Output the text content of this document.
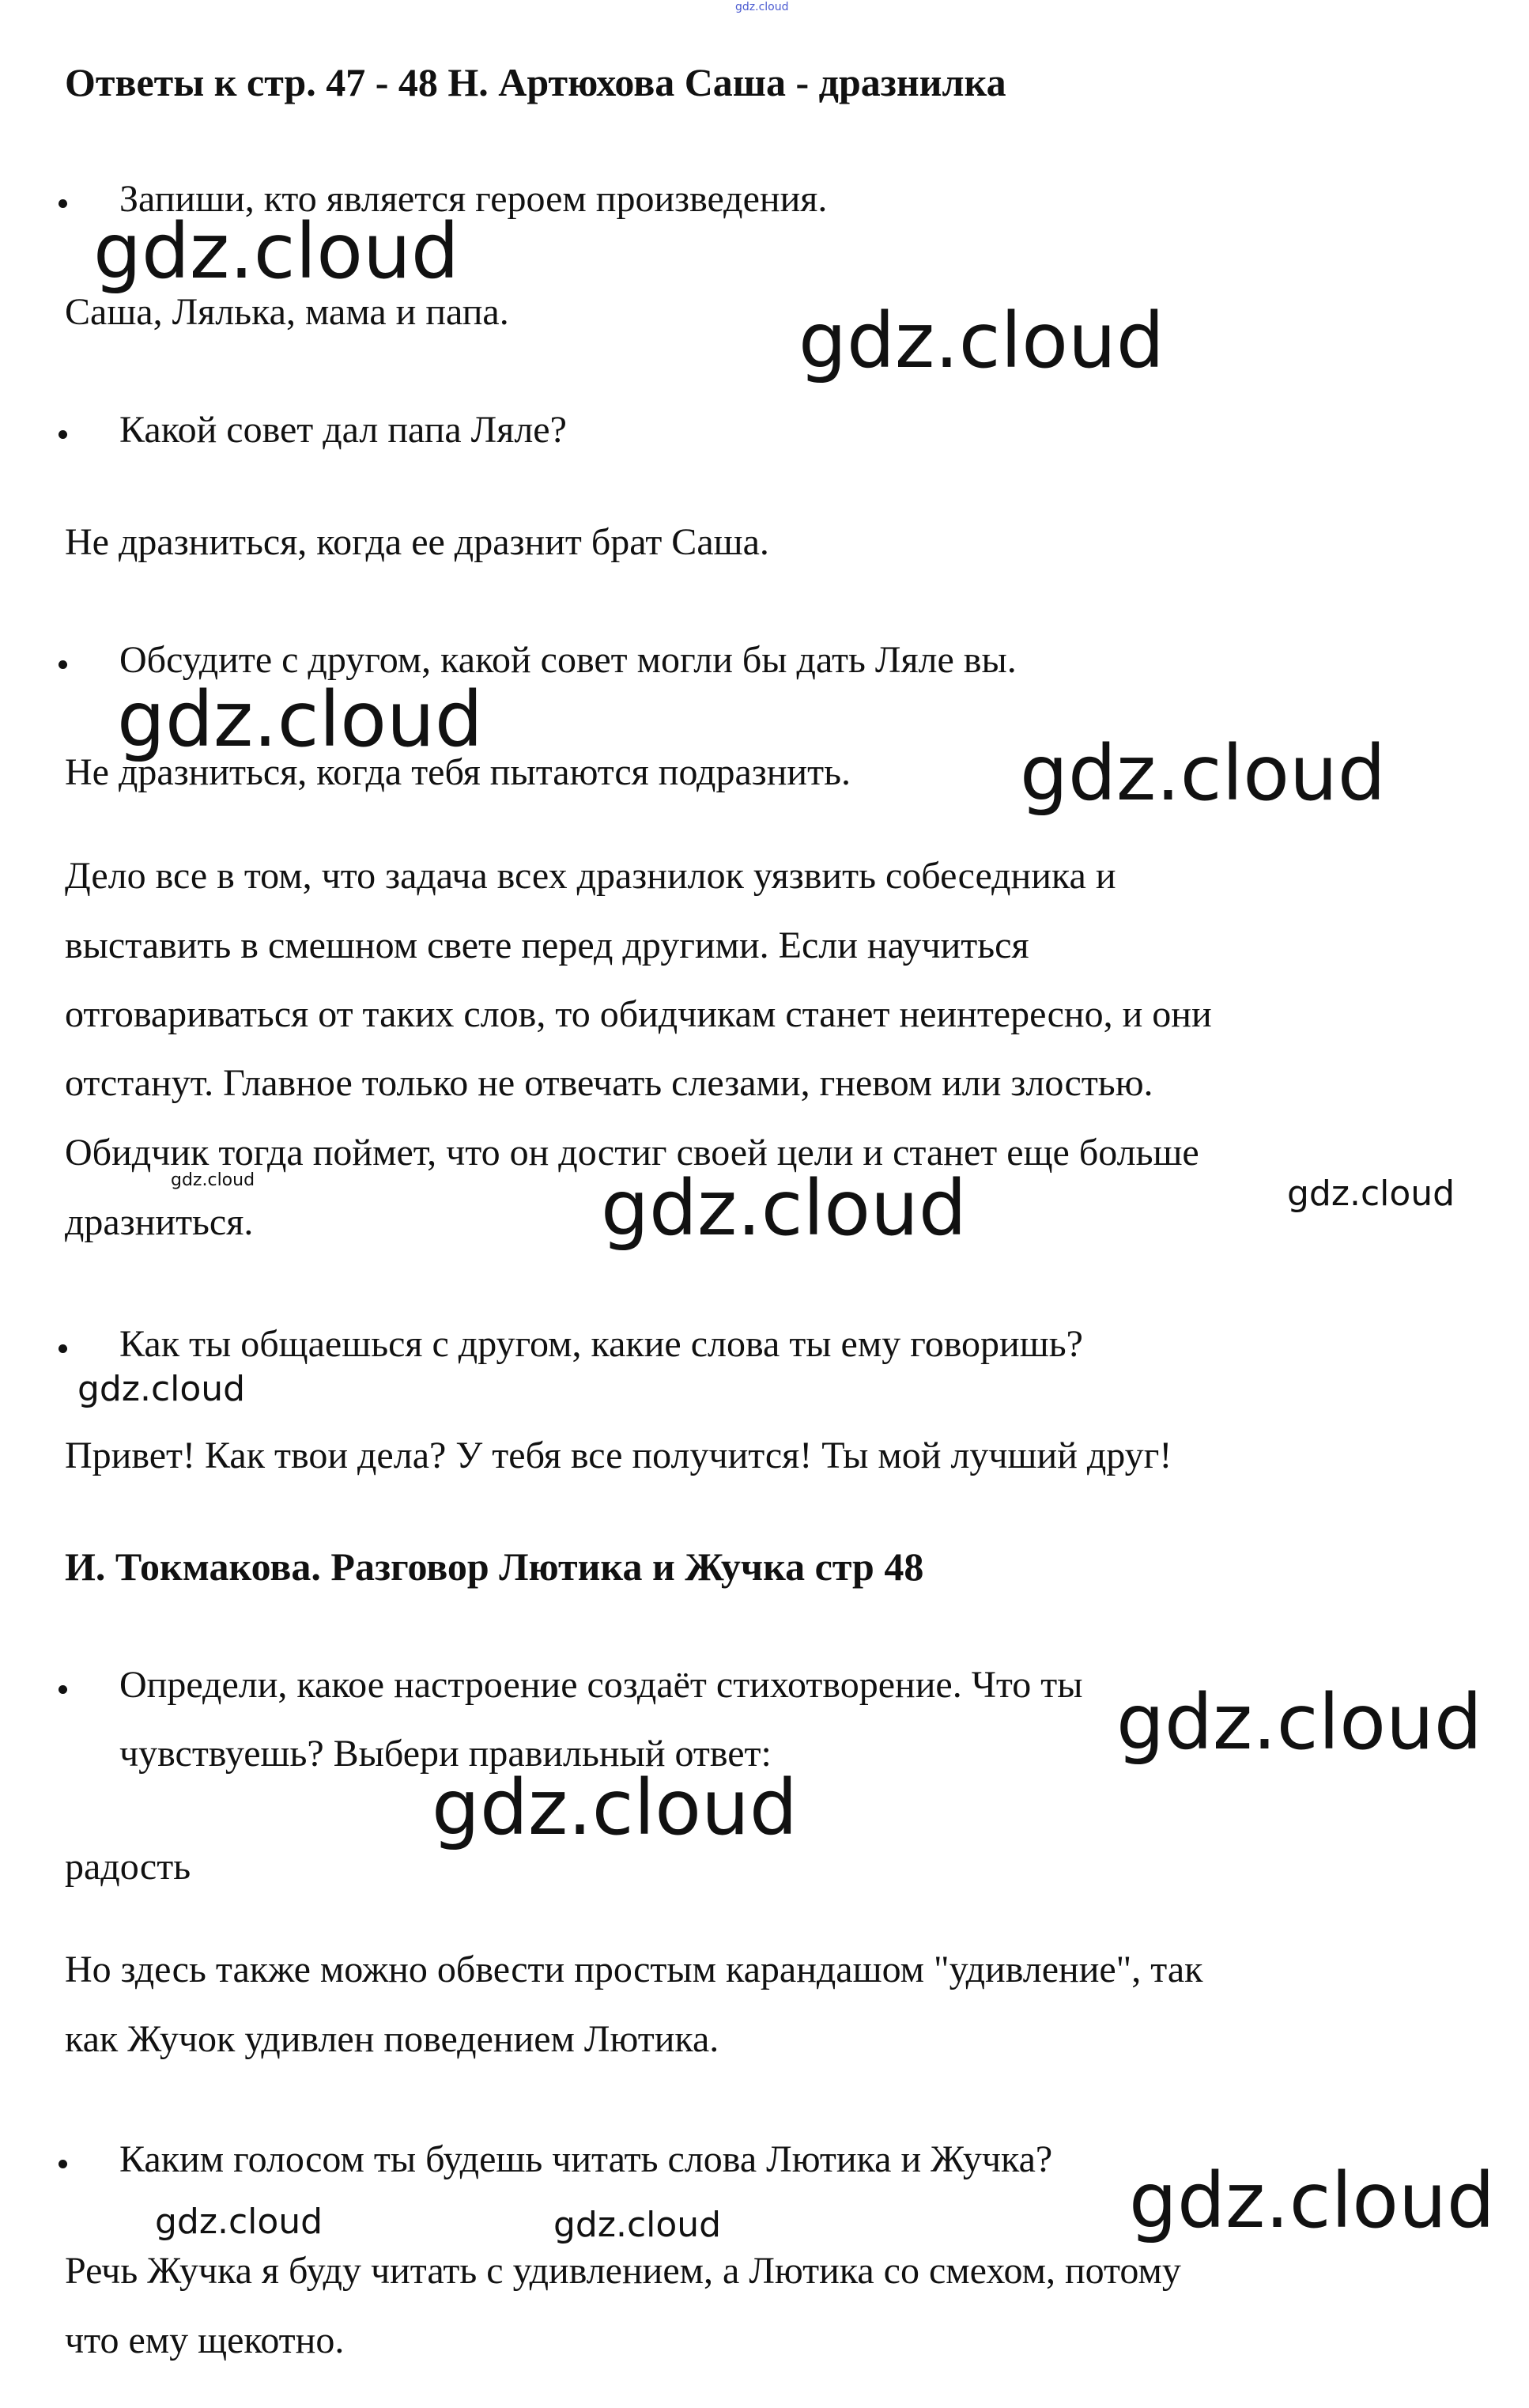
gdz.cloud
Ответы к стр. 47 - 48 Н. Артюхова Саша - дразнилка
Запиши, кто является героем произведения.
gdz.cloud
Саша, Лялька, мама и папа.	gdz.cloud
Какой совет дал папа Ляле?
Не дразниться, когда ее дразнит брат Саша.
Обсудите с другом, какой совет могли бы дать Ляле вы.
gdz.cloud
Не дразниться, когда тебя пытаются подразнить. gdz.cloud
Дело все в том, что задача всех дразнилок уязвить собеседника и
выставить в смешном свете перед другими. Если научиться
отговариваться от таких слов, то обидчикам станет неинтересно, и они
отстанут. Главное только не отвечать слезами, гневом или злостью.
Обидчик тогда поймет, что он достиг своей цели и станет еще больше
gdz.cloud
дразниться.	gdz.cloud	gdz.cloud
Как ты общаешься с другом, какие слова ты ему говоришь?
gdz.cloud
Привет! Как твои дела? У тебя все получится! Ты мой лучший друг!
И. Токмакова. Разговор Лютика и Жучка стр 48
Определи, какое настроение создаёт стихотворение. Что ты
чувствуешь? Выбери правильный ответ:	gdz.cloud
gdz.cloud
радость
Но здесь также можно обвести простым карандашом "удивление", так
как Жучок удивлен поведением Лютика.
Каким голосом ты будешь читать слова Лютика и Жучка?
gdz.cloud	gdz.cloud	gdz.cloud
Речь Жучка я буду читать с удивлением, а Лютика со смехом, потому
что ему щекотно.
